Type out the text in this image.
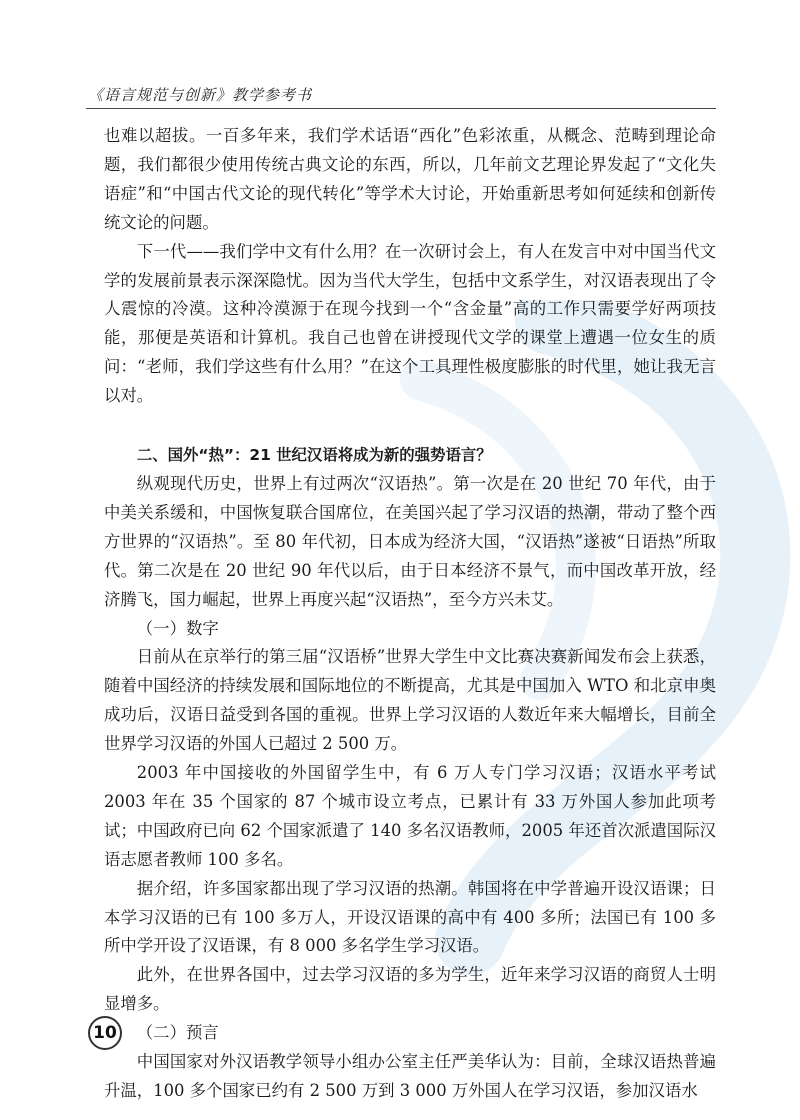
《语言规范与创新》教学参考书

也难以超拔。一百多年来，我们学术话语“西化”色彩浓重，从概念、范畴到理论命题，我们都很少使用传统古典文论的东西，所以，几年前文艺理论界发起了“文化失语症”和“中国古代文论的现代转化”等学术大讨论，开始重新思考如何延续和创新传统文论的问题。

下一代——我们学中文有什么用？在一次研讨会上，有人在发言中对中国当代文学的发展前景表示深深隐忧。因为当代大学生，包括中文系学生，对汉语表现出了令人震惊的冷漠。这种冷漠源于在现今找到一个“含金量”高的工作只需要学好两项技能，那便是英语和计算机。我自己也曾在讲授现代文学的课堂上遭遇一位女生的质问：“老师，我们学这些有什么用？”在这个工具理性极度膨胀的时代里，她让我无言以对。

二、国外“热”：21 世纪汉语将成为新的强势语言？

纵观现代历史，世界上有过两次“汉语热”。第一次是在 20 世纪 70 年代，由于中美关系缓和，中国恢复联合国席位，在美国兴起了学习汉语的热潮，带动了整个西方世界的“汉语热”。至 80 年代初，日本成为经济大国，“汉语热”遂被“日语热”所取代。第二次是在 20 世纪 90 年代以后，由于日本经济不景气，而中国改革开放，经济腾飞，国力崛起，世界上再度兴起“汉语热”，至今方兴未艾。

（一）数字

日前从在京举行的第三届“汉语桥”世界大学生中文比赛决赛新闻发布会上获悉，随着中国经济的持续发展和国际地位的不断提高，尤其是中国加入 WTO 和北京申奥成功后，汉语日益受到各国的重视。世界上学习汉语的人数近年来大幅增长，目前全世界学习汉语的外国人已超过 2 500 万。

2003 年中国接收的外国留学生中，有 6 万人专门学习汉语；汉语水平考试 2003 年在 35 个国家的 87 个城市设立考点，已累计有 33 万外国人参加此项考试；中国政府已向 62 个国家派遣了 140 多名汉语教师，2005 年还首次派遣国际汉语志愿者教师 100 多名。

据介绍，许多国家都出现了学习汉语的热潮。韩国将在中学普遍开设汉语课；日本学习汉语的已有 100 多万人，开设汉语课的高中有 400 多所；法国已有 100 多所中学开设了汉语课，有 8 000 多名学生学习汉语。

此外，在世界各国中，过去学习汉语的多为学生，近年来学习汉语的商贸人士明显增多。

（二）预言

中国国家对外汉语教学领导小组办公室主任严美华认为：目前，全球汉语热普遍升温，100 多个国家已约有 2 500 万到 3 000 万外国人在学习汉语，参加汉语水

10
